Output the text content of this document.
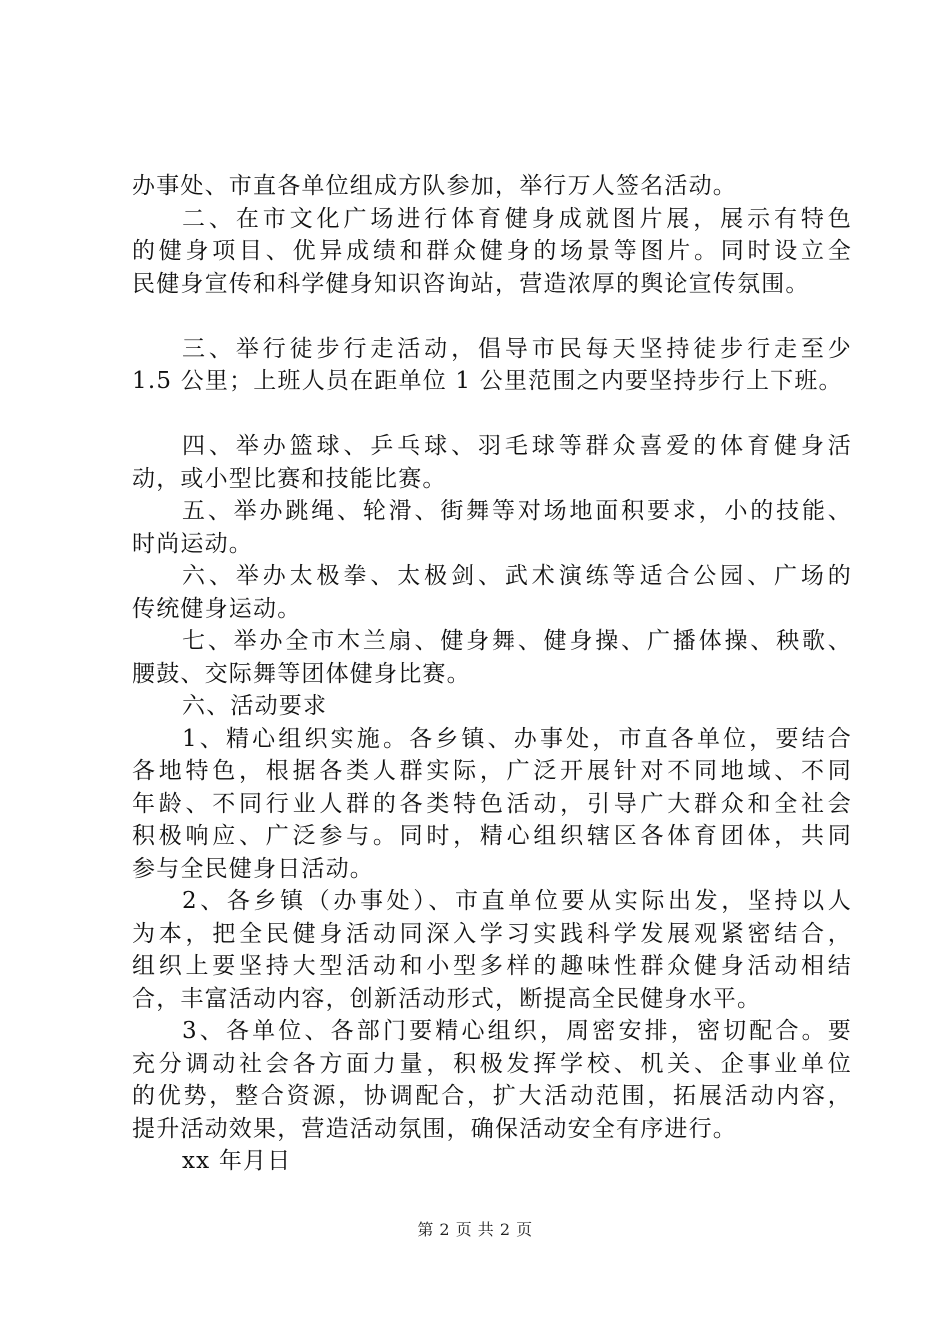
办事处、市直各单位组成方队参加，举行万人签名活动。
二、在市文化广场进行体育健身成就图片展，展示有特色
的健身项目、优异成绩和群众健身的场景等图片。同时设立全
民健身宣传和科学健身知识咨询站，营造浓厚的舆论宣传氛围。
三、举行徒步行走活动，倡导市民每天坚持徒步行走至少
1.5 公里；上班人员在距单位 1 公里范围之内要坚持步行上下班。
四、举办篮球、乒乓球、羽毛球等群众喜爱的体育健身活
动，或小型比赛和技能比赛。
五、举办跳绳、轮滑、街舞等对场地面积要求，小的技能、
时尚运动。
六、举办太极拳、太极剑、武术演练等适合公园、广场的
传统健身运动。
七、举办全市木兰扇、健身舞、健身操、广播体操、秧歌、
腰鼓、交际舞等团体健身比赛。
六、活动要求
1、精心组织实施。各乡镇、办事处，市直各单位，要结合
各地特色，根据各类人群实际，广泛开展针对不同地域、不同
年龄、不同行业人群的各类特色活动，引导广大群众和全社会
积极响应、广泛参与。同时，精心组织辖区各体育团体，共同
参与全民健身日活动。
2、各乡镇（办事处）、市直单位要从实际出发，坚持以人
为本，把全民健身活动同深入学习实践科学发展观紧密结合，
组织上要坚持大型活动和小型多样的趣味性群众健身活动相结
合，丰富活动内容，创新活动形式，断提高全民健身水平。
3、各单位、各部门要精心组织，周密安排，密切配合。要
充分调动社会各方面力量，积极发挥学校、机关、企事业单位
的优势，整合资源，协调配合，扩大活动范围，拓展活动内容，
提升活动效果，营造活动氛围，确保活动安全有序进行。
xx 年月日
第 2 页 共 2 页
